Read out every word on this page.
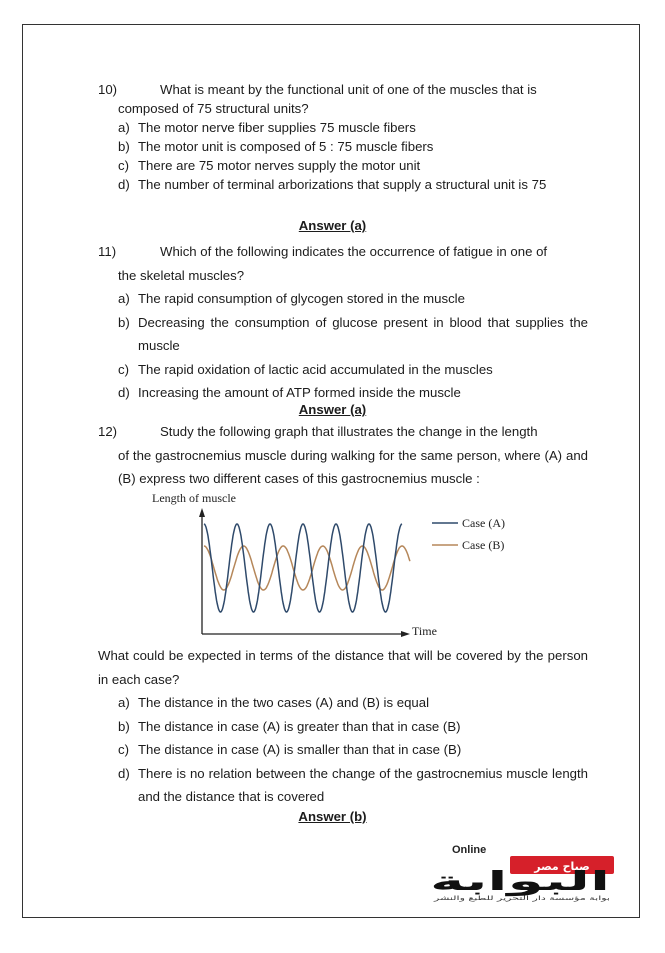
10)	What is meant by the functional unit of one of the muscles that is
composed of 75 structural units?
a) The motor nerve fiber supplies 75 muscle fibers
b) The motor unit is composed of 5 : 75 muscle fibers
c) There are 75 motor nerves supply the motor unit
d) The number of terminal arborizations that supply a structural unit is 75
Answer (a)
11)	Which of the following indicates the occurrence of fatigue in one of
the skeletal muscles?
a) The rapid consumption of glycogen stored in the muscle
b) Decreasing the consumption of glucose present in blood that supplies the muscle
c) The rapid oxidation of lactic acid accumulated in the muscles
d) Increasing the amount of ATP formed inside the muscle
Answer (a)
12)	Study the following graph that illustrates the change in the length
of the gastrocnemius muscle during walking for the same person, where (A) and (B) express two different cases of this gastrocnemius muscle :
Length of muscle
Time
Case (A)
Case (B)
What could be expected in terms of the distance that will be covered by the person in each case?
a) The distance in the two cases (A) and (B) is equal
b) The distance in case (A) is greater than that in case (B)
c) The distance in case (A) is smaller than that in case (B)
d) There is no relation between the change of the gastrocnemius muscle length and the distance that is covered
Answer (b)
Online
صباح مصر
البوابة
بوابة مؤسسة دار التحرير للطبع والنشر
